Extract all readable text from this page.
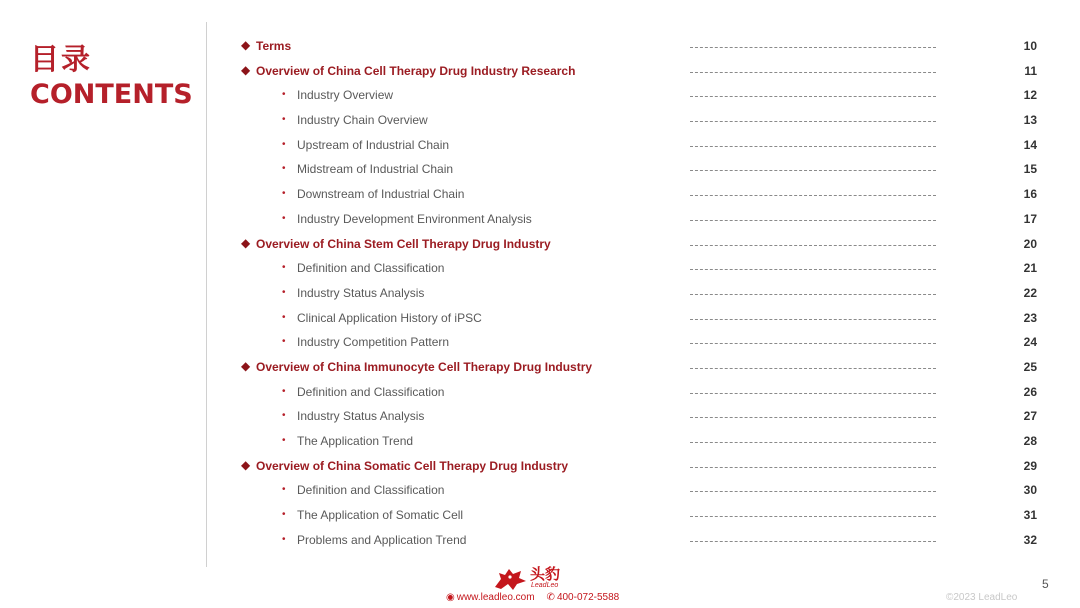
目录
CONTENTS
◆ Terms	10
◆ Overview of China Cell Therapy Drug Industry Research	11
• Industry Overview	12
• Industry Chain Overview	13
• Upstream of Industrial Chain	14
• Midstream of Industrial Chain	15
• Downstream of Industrial Chain	16
• Industry Development Environment Analysis	17
◆ Overview of China Stem Cell Therapy Drug Industry	20
• Definition and Classification	21
• Industry Status Analysis	22
• Clinical Application History of iPSC	23
• Industry Competition Pattern	24
◆ Overview of China Immunocyte Cell Therapy Drug Industry	25
• Definition and Classification	26
• Industry Status Analysis	27
• The Application Trend	28
◆ Overview of China Somatic Cell Therapy Drug Industry	29
• Definition and Classification	30
• The Application of Somatic Cell	31
• Problems and Application Trend	32
头豹
LeadLeo
◉ www.leadleo.com ✆ 400-072-5588	©2023 LeadLeo
5
